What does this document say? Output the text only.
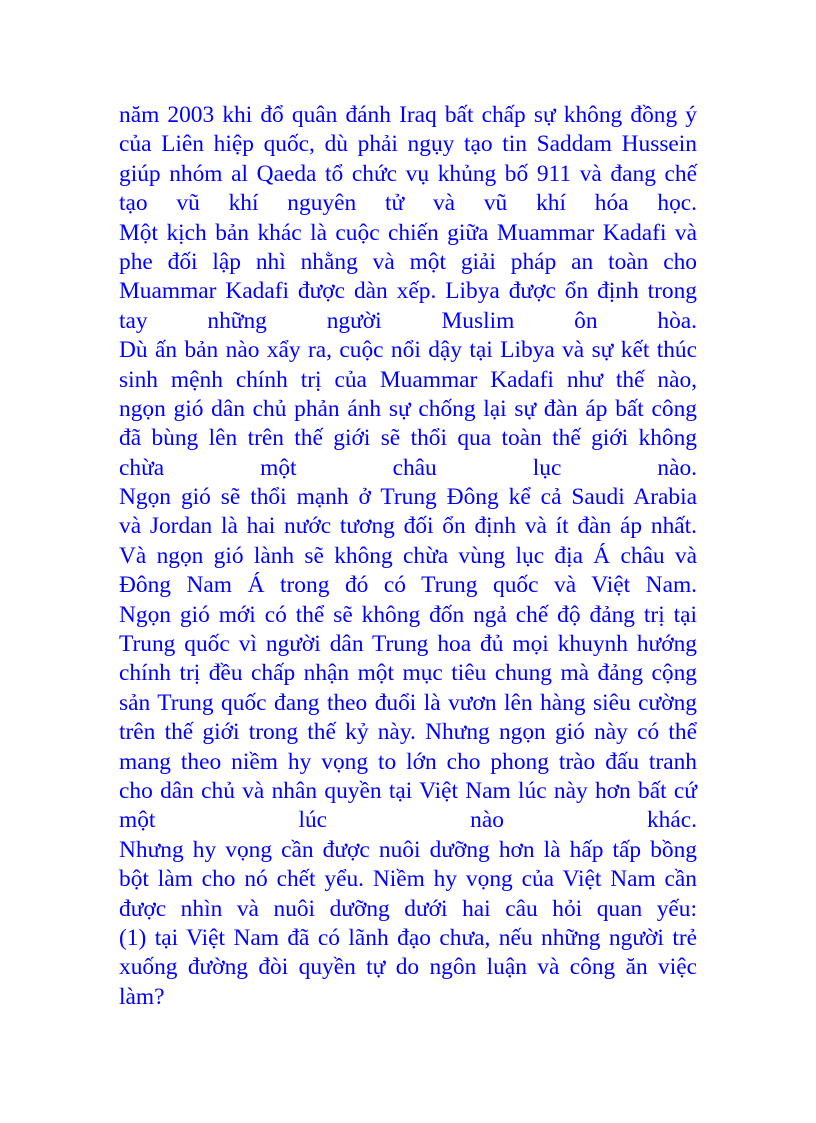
năm 2003 khi đổ quân đánh Iraq bất chấp sự không đồng ý
của Liên hiệp quốc, dù phải ngụy tạo tin Saddam Hussein
giúp nhóm al Qaeda tổ chức vụ khủng bố 911 và đang chế
tạo vũ khí nguyên tử và vũ khí hóa học.
Một kịch bản khác là cuộc chiến giữa Muammar Kadafi và
phe đối lập nhì nhằng và một giải pháp an toàn cho
Muammar Kadafi được dàn xếp. Libya được ổn định trong
tay những người Muslim ôn hòa.
Dù ấn bản nào xẩy ra, cuộc nổi dậy tại Libya và sự kết thúc
sinh mệnh chính trị của Muammar Kadafi như thế nào,
ngọn gió dân chủ phản ánh sự chống lại sự đàn áp bất công
đã bùng lên trên thế giới sẽ thổi qua toàn thế giới không
chừa một châu lục nào.
Ngọn gió sẽ thổi mạnh ở Trung Đông kể cả Saudi Arabia
và Jordan là hai nước tương đối ổn định và ít đàn áp nhất.
Và ngọn gió lành sẽ không chừa vùng lục địa Á châu và
Đông Nam Á trong đó có Trung quốc và Việt Nam.
Ngọn gió mới có thể sẽ không đốn ngả chế độ đảng trị tại
Trung quốc vì người dân Trung hoa đủ mọi khuynh hướng
chính trị đều chấp nhận một mục tiêu chung mà đảng cộng
sản Trung quốc đang theo đuổi là vươn lên hàng siêu cường
trên thế giới trong thế kỷ này. Nhưng ngọn gió này có thể
mang theo niềm hy vọng to lớn cho phong trào đấu tranh
cho dân chủ và nhân quyền tại Việt Nam lúc này hơn bất cứ
một lúc nào khác.
Nhưng hy vọng cần được nuôi dưỡng hơn là hấp tấp bồng
bột làm cho nó chết yểu. Niềm hy vọng của Việt Nam cần
được nhìn và nuôi dưỡng dưới hai câu hỏi quan yếu:
(1) tại Việt Nam đã có lãnh đạo chưa, nếu những người trẻ
xuống đường đòi quyền tự do ngôn luận và công ăn việc
làm?
